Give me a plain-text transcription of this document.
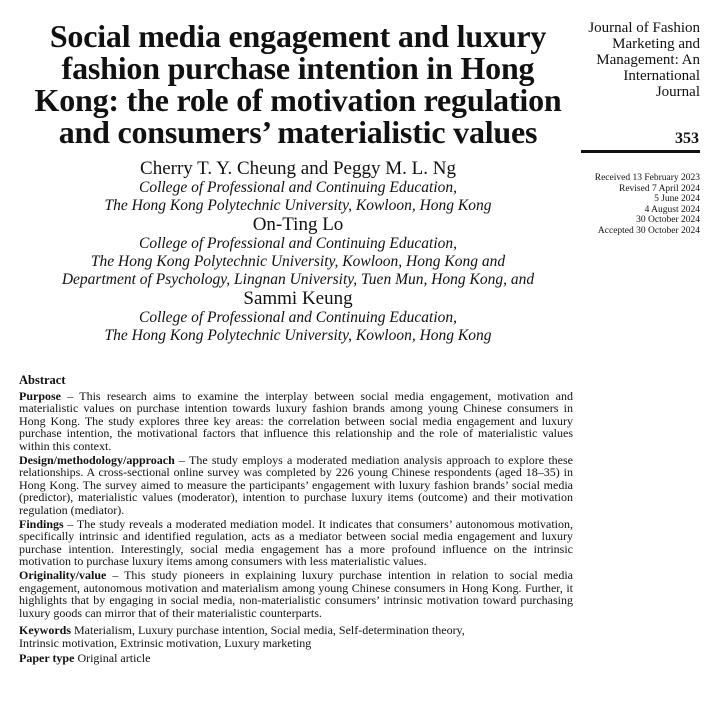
Social media engagement and luxury
fashion purchase intention in Hong
Kong: the role of motivation regulation
and consumers’ materialistic values
Cherry T. Y. Cheung and Peggy M. L. Ng
College of Professional and Continuing Education,
The Hong Kong Polytechnic University, Kowloon, Hong Kong
On-Ting Lo
College of Professional and Continuing Education,
The Hong Kong Polytechnic University, Kowloon, Hong Kong and
Department of Psychology, Lingnan University, Tuen Mun, Hong Kong, and
Sammi Keung
College of Professional and Continuing Education,
The Hong Kong Polytechnic University, Kowloon, Hong Kong
Journal of Fashion
Marketing and
Management: An
International
Journal
353
Received 13 February 2023
Revised 7 April 2024
5 June 2024
4 August 2024
30 October 2024
Accepted 30 October 2024
Abstract

Purpose – This research aims to examine the interplay between social media engagement, motivation and materialistic values on purchase intention towards luxury fashion brands among young Chinese consumers in Hong Kong. The study explores three key areas: the correlation between social media engagement and luxury purchase intention, the motivational factors that influence this relationship and the role of materialistic values within this context.

Design/methodology/approach – The study employs a moderated mediation analysis approach to explore these relationships. A cross-sectional online survey was completed by 226 young Chinese respondents (aged 18–35) in Hong Kong. The survey aimed to measure the participants’ engagement with luxury fashion brands’ social media (predictor), materialistic values (moderator), intention to purchase luxury items (outcome) and their motivation regulation (mediator).

Findings – The study reveals a moderated mediation model. It indicates that consumers’ autonomous motivation, specifically intrinsic and identified regulation, acts as a mediator between social media engagement and luxury purchase intention. Interestingly, social media engagement has a more profound influence on the intrinsic motivation to purchase luxury items among consumers with less materialistic values.

Originality/value – This study pioneers in explaining luxury purchase intention in relation to social media engagement, autonomous motivation and materialism among young Chinese consumers in Hong Kong. Further, it highlights that by engaging in social media, non-materialistic consumers’ intrinsic motivation toward purchasing luxury goods can mirror that of their materialistic counterparts.

Keywords Materialism, Luxury purchase intention, Social media, Self-determination theory,
Intrinsic motivation, Extrinsic motivation, Luxury marketing

Paper type Original article
